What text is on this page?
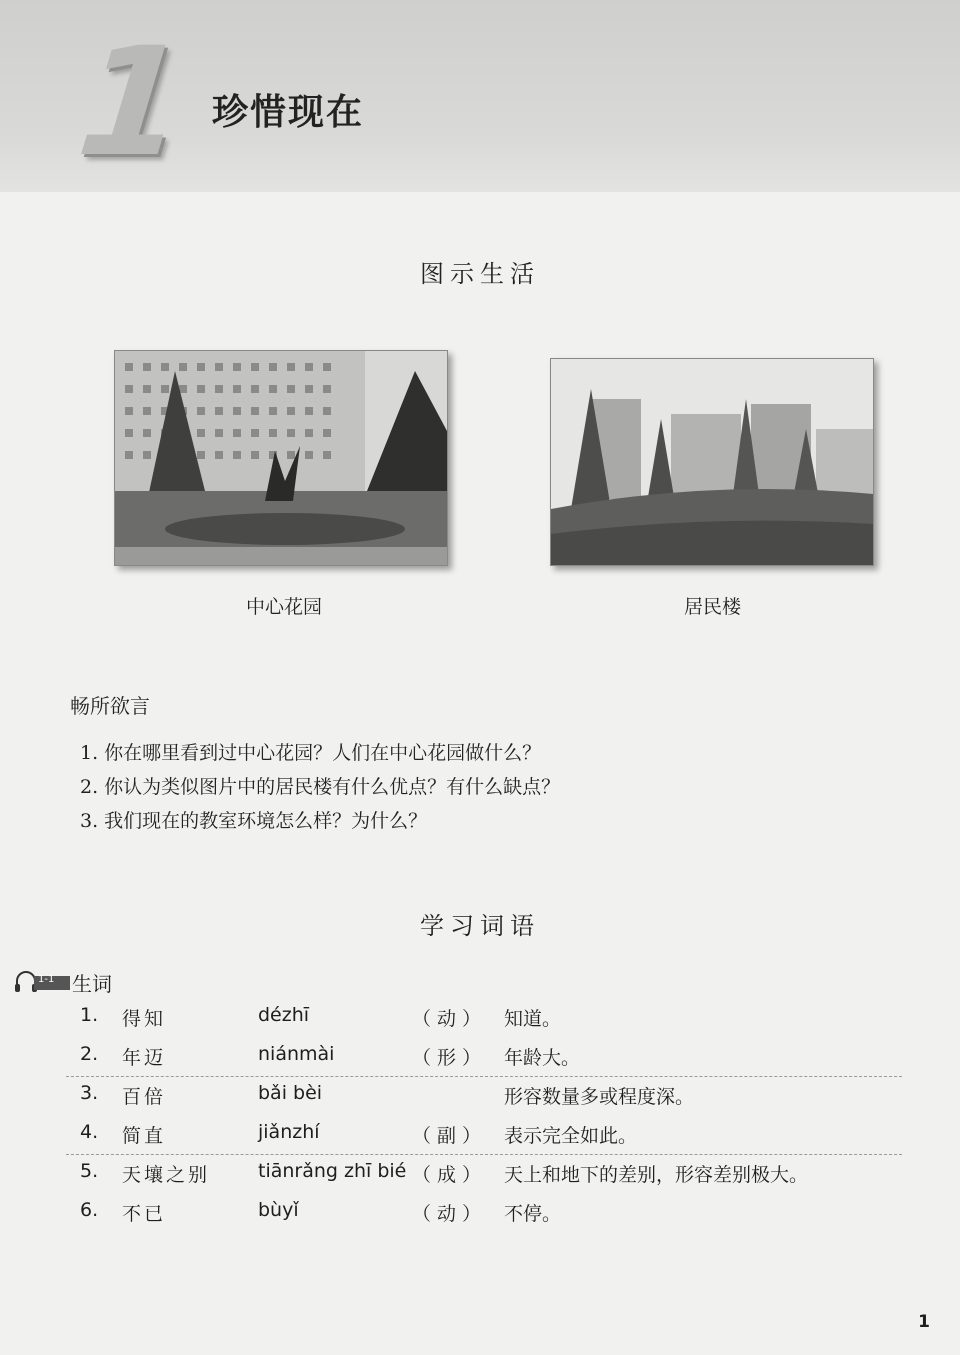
1 珍惜现在
图示生活
中心花园	居民楼
畅所欲言
1. 你在哪里看到过中心花园？人们在中心花园做什么？
2. 你认为类似图片中的居民楼有什么优点？有什么缺点？
3. 我们现在的教室环境怎么样？为什么？
学习词语
1-1 生词
1. 得知	dézhī	（动） 知道。
2. 年迈	niánmài	（形） 年龄大。
3. 百倍	bǎi bèi	形容数量多或程度深。
4. 简直	jiǎnzhí	（副） 表示完全如此。
5. 天壤之别	tiānrǎng zhī bié （成） 天上和地下的差别，形容差别极大。
6. 不已	bùyǐ	（动） 不停。
1
